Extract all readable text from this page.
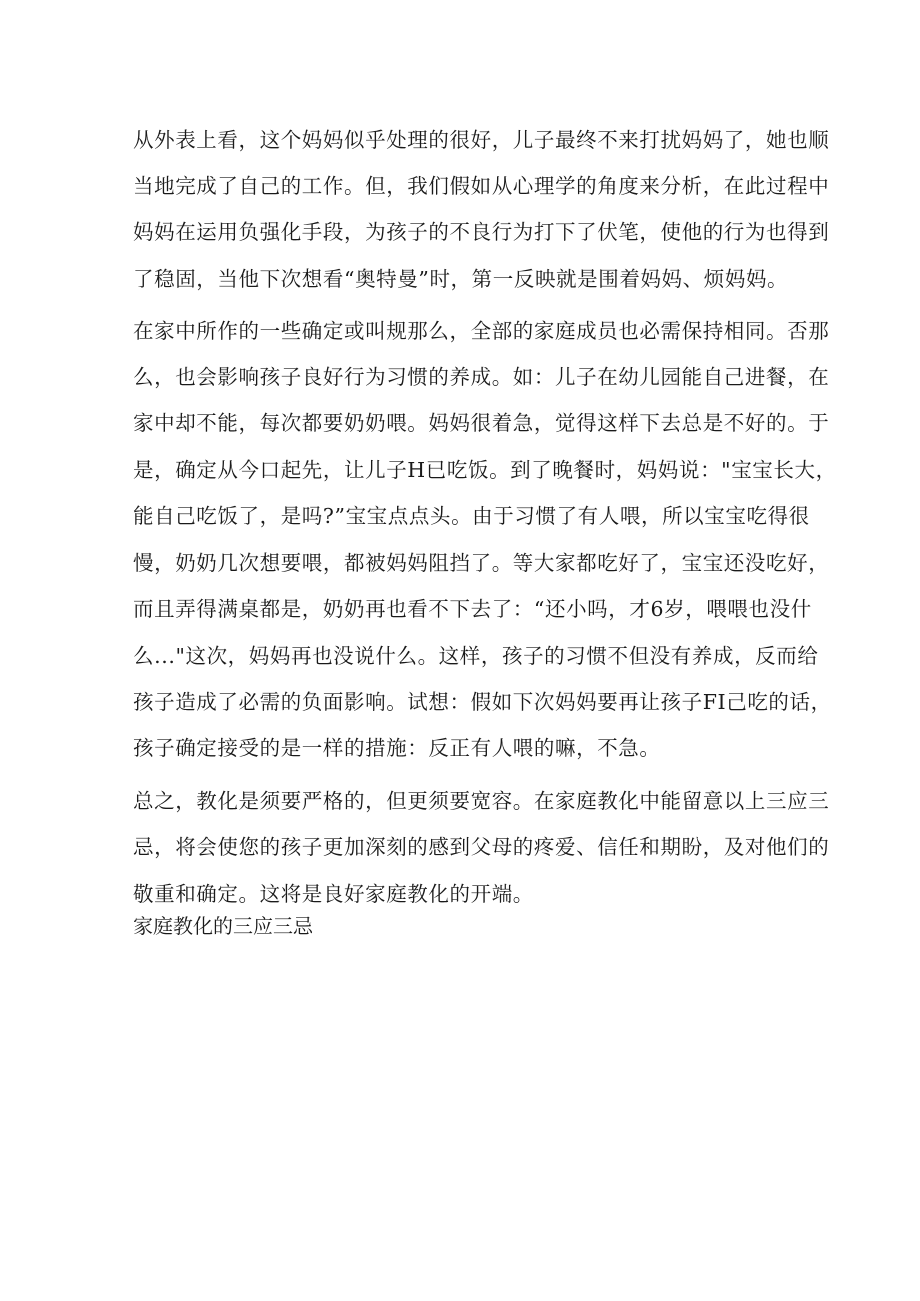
从外表上看，这个妈妈似乎处理的很好，儿子最终不来打扰妈妈了，她也顺
当地完成了自己的工作。但，我们假如从心理学的角度来分析，在此过程中
妈妈在运用负强化手段，为孩子的不良行为打下了伏笔，使他的行为也得到
了稳固，当他下次想看“奥特曼”时，第一反映就是围着妈妈、烦妈妈。
在家中所作的一些确定或叫规那么，全部的家庭成员也必需保持相同。否那
么，也会影响孩子良好行为习惯的养成。如：儿子在幼儿园能自己进餐，在
家中却不能，每次都要奶奶喂。妈妈很着急，觉得这样下去总是不好的。于
是，确定从今口起先，让儿子H已吃饭。到了晚餐时，妈妈说："宝宝长大，
能自己吃饭了，是吗?”宝宝点点头。由于习惯了有人喂，所以宝宝吃得很
慢，奶奶几次想要喂，都被妈妈阻挡了。等大家都吃好了，宝宝还没吃好，
而且弄得满桌都是，奶奶再也看不下去了：“还小吗，才6岁，喂喂也没什
么..."这次，妈妈再也没说什么。这样，孩子的习惯不但没有养成，反而给
孩子造成了必需的负面影响。试想：假如下次妈妈要再让孩子FI己吃的话，
孩子确定接受的是一样的措施：反正有人喂的嘛，不急。
总之，教化是须要严格的，但更须要宽容。在家庭教化中能留意以上三应三
忌，将会使您的孩子更加深刻的感到父母的疼爱、信任和期盼，及对他们的
敬重和确定。这将是良好家庭教化的开端。
家庭教化的三应三忌
